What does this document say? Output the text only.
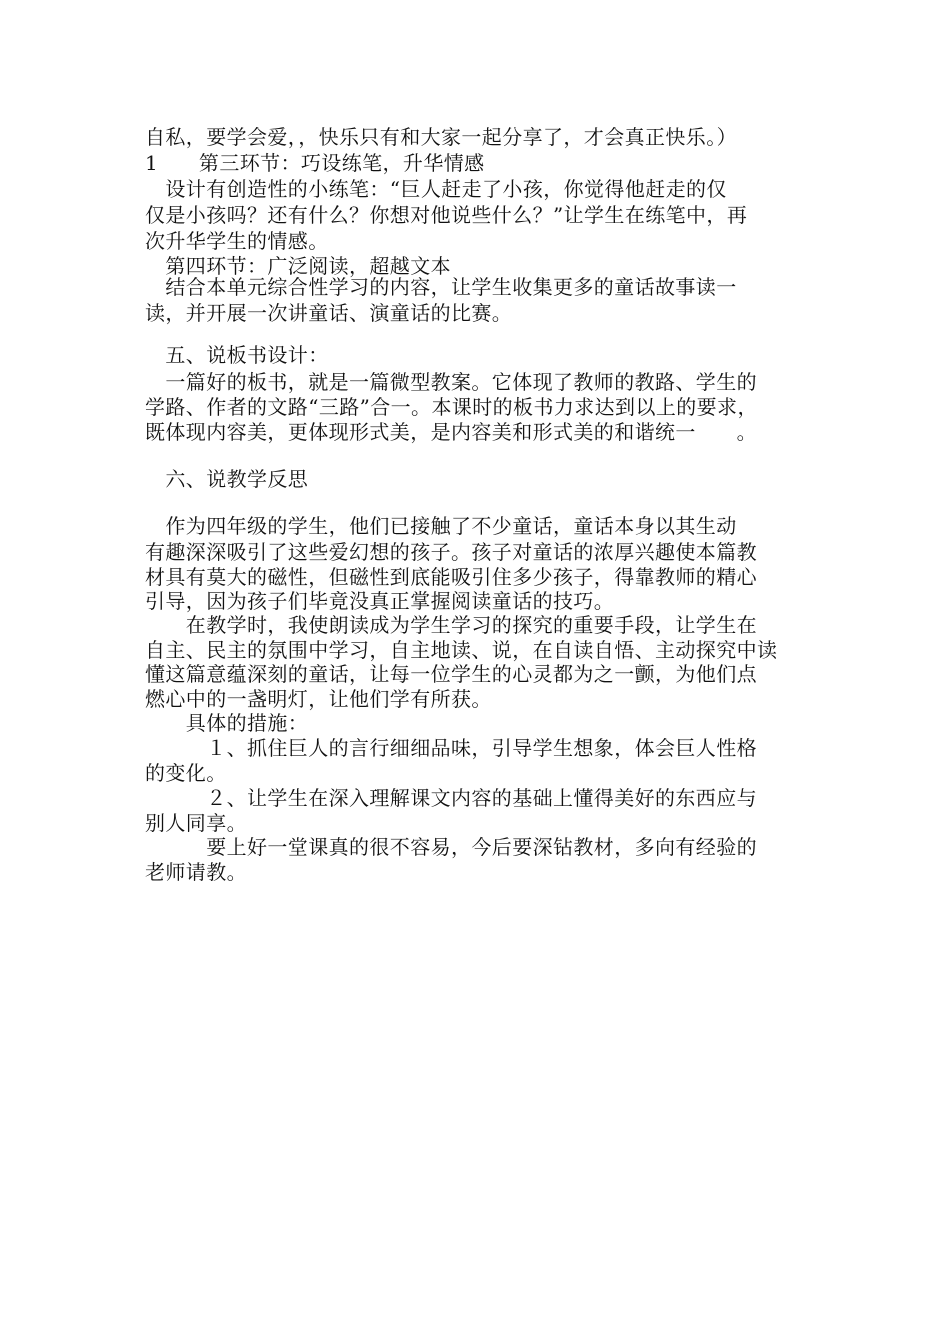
自私，要学会爱，，快乐只有和大家一起分享了，才会真正快乐。）
1　　第三环节：巧设练笔，升华情感
　设计有创造性的小练笔：“巨人赶走了小孩，你觉得他赶走的仅
仅是小孩吗？还有什么？你想对他说些什么？”让学生在练笔中，再
次升华学生的情感。
　第四环节：广泛阅读，超越文本
　结合本单元综合性学习的内容，让学生收集更多的童话故事读一
读，并开展一次讲童话、演童话的比赛。
　五、说板书设计：
　一篇好的板书，就是一篇微型教案。它体现了教师的教路、学生的
学路、作者的文路“三路”合一。本课时的板书力求达到以上的要求，
既体现内容美，更体现形式美，是内容美和形式美的和谐统一　　。
　六、说教学反思
　作为四年级的学生，他们已接触了不少童话，童话本身以其生动
有趣深深吸引了这些爱幻想的孩子。孩子对童话的浓厚兴趣使本篇教
材具有莫大的磁性，但磁性到底能吸引住多少孩子，得靠教师的精心
引导，因为孩子们毕竟没真正掌握阅读童话的技巧。
　　在教学时，我使朗读成为学生学习的探究的重要手段，让学生在
自主、民主的氛围中学习，自主地读、说，在自读自悟、主动探究中读
懂这篇意蕴深刻的童话，让每一位学生的心灵都为之一颤，为他们点
燃心中的一盏明灯，让他们学有所获。
　　具体的措施：
　　　１、抓住巨人的言行细细品味，引导学生想象，体会巨人性格
的变化。
　　　２、让学生在深入理解课文内容的基础上懂得美好的东西应与
别人同享。
　　　要上好一堂课真的很不容易，今后要深钻教材，多向有经验的
老师请教。
